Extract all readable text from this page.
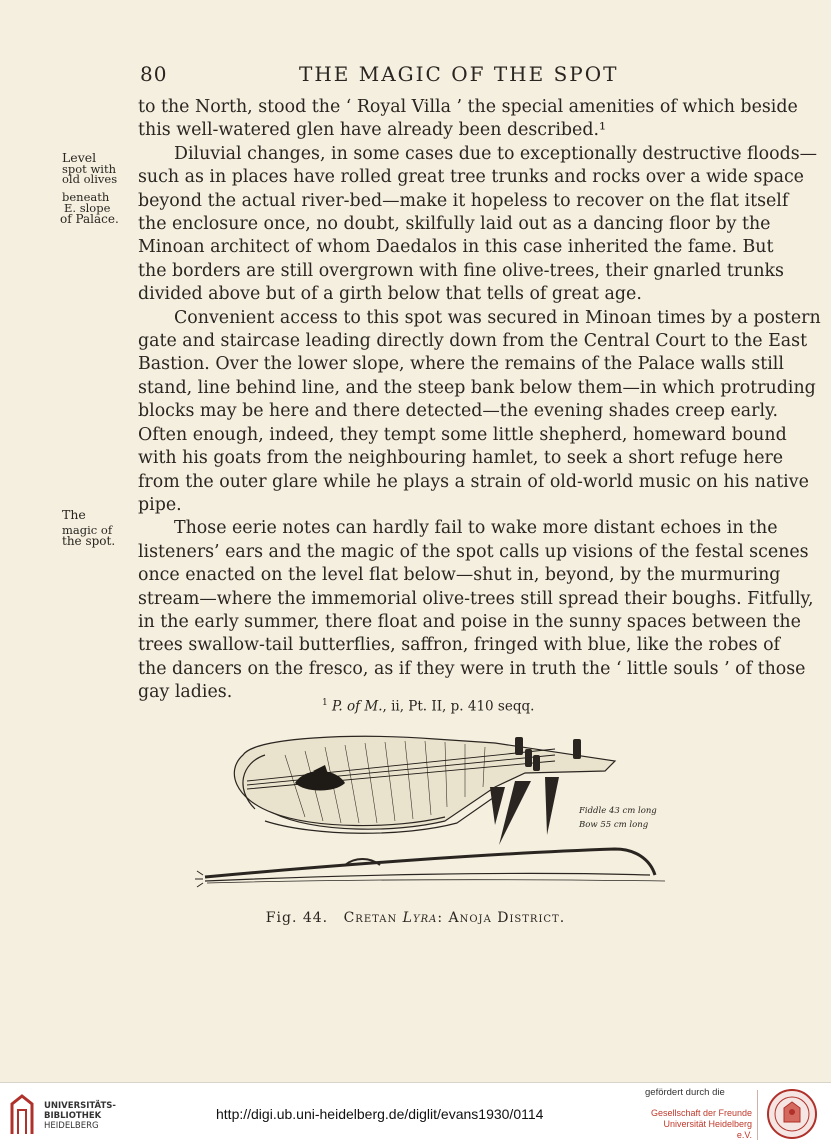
80	THE MAGIC OF THE SPOT
Level
spot with
old olives
beneath
E. slope
of Palace.
The
magic of
the spot.

to the North, stood the ‘ Royal Villa ’ the special amenities of which beside
this well-watered glen have already been described.¹

Diluvial changes, in some cases due to exceptionally destructive floods—
such as in places have rolled great tree trunks and rocks over a wide space
beyond the actual river-bed—make it hopeless to recover on the flat itself
the enclosure once, no doubt, skilfully laid out as a dancing floor by the
Minoan architect of whom Daedalos in this case inherited the fame. But
the borders are still overgrown with fine olive-trees, their gnarled trunks
divided above but of a girth below that tells of great age.

Convenient access to this spot was secured in Minoan times by a postern
gate and staircase leading directly down from the Central Court to the East
Bastion. Over the lower slope, where the remains of the Palace walls still
stand, line behind line, and the steep bank below them—in which protruding
blocks may be here and there detected—the evening shades creep early.
Often enough, indeed, they tempt some little shepherd, homeward bound
with his goats from the neighbouring hamlet, to seek a short refuge here
from the outer glare while he plays a strain of old-world music on his native
pipe.

Those eerie notes can hardly fail to wake more distant echoes in the
listeners’ ears and the magic of the spot calls up visions of the festal scenes
once enacted on the level flat below—shut in, beyond, by the murmuring
stream—where the immemorial olive-trees still spread their boughs. Fitfully,
in the early summer, there float and poise in the sunny spaces between the
trees swallow-tail butterflies, saffron, fringed with blue, like the robes of
the dancers on the fresco, as if they were in truth the ‘ little souls ’ of those
gay ladies.

$^1$ P. of M., ii, Pt. II, p. 410 seqq.
Fiddle 43 cm long
Bow 55 cm long
Fig. 44. Cretan Lyra: Anoja District.
UNIVERSITÄTS-
BIBLIOTHEK
HEIDELBERG
http://digi.ub.uni-heidelberg.de/diglit/evans1930/0114
gefördert durch die
Gesellschaft der Freunde
Universität Heidelberg e.V.
